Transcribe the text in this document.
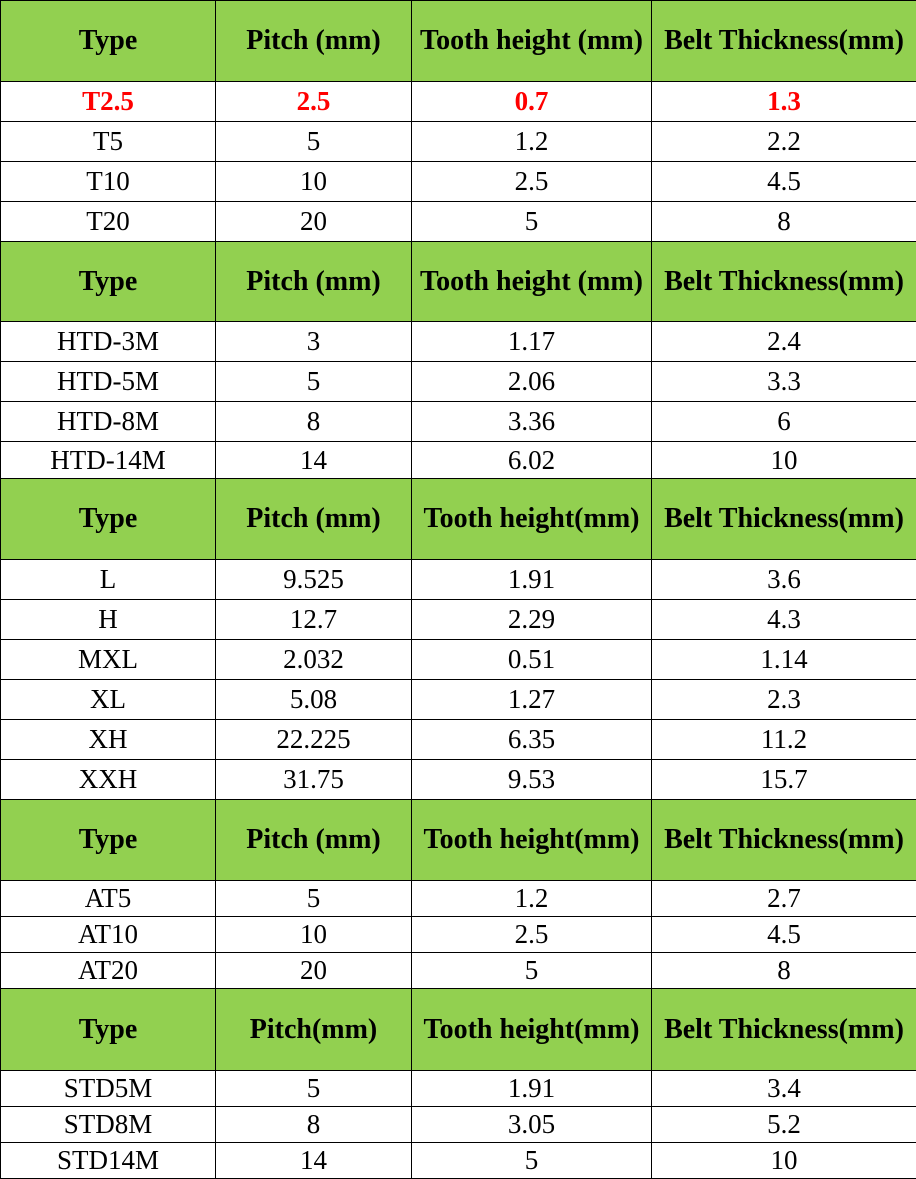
Type	Pitch (mm)	Tooth height (mm)	Belt Thickness(mm)
T2.5	2.5	0.7	1.3
T5	5	1.2	2.2
T10	10	2.5	4.5
T20	20	5	8
Type	Pitch (mm)	Tooth height (mm)	Belt Thickness(mm)
HTD-3M	3	1.17	2.4
HTD-5M	5	2.06	3.3
HTD-8M	8	3.36	6
HTD-14M	14	6.02	10
Type	Pitch (mm)	Tooth height(mm)	Belt Thickness(mm)
L	9.525	1.91	3.6
H	12.7	2.29	4.3
MXL	2.032	0.51	1.14
XL	5.08	1.27	2.3
XH	22.225	6.35	11.2
XXH	31.75	9.53	15.7
Type	Pitch (mm)	Tooth height(mm)	Belt Thickness(mm)
AT5	5	1.2	2.7
AT10	10	2.5	4.5
AT20	20	5	8
Type	Pitch(mm)	Tooth height(mm)	Belt Thickness(mm)
STD5M	5	1.91	3.4
STD8M	8	3.05	5.2
STD14M	14	5	10
